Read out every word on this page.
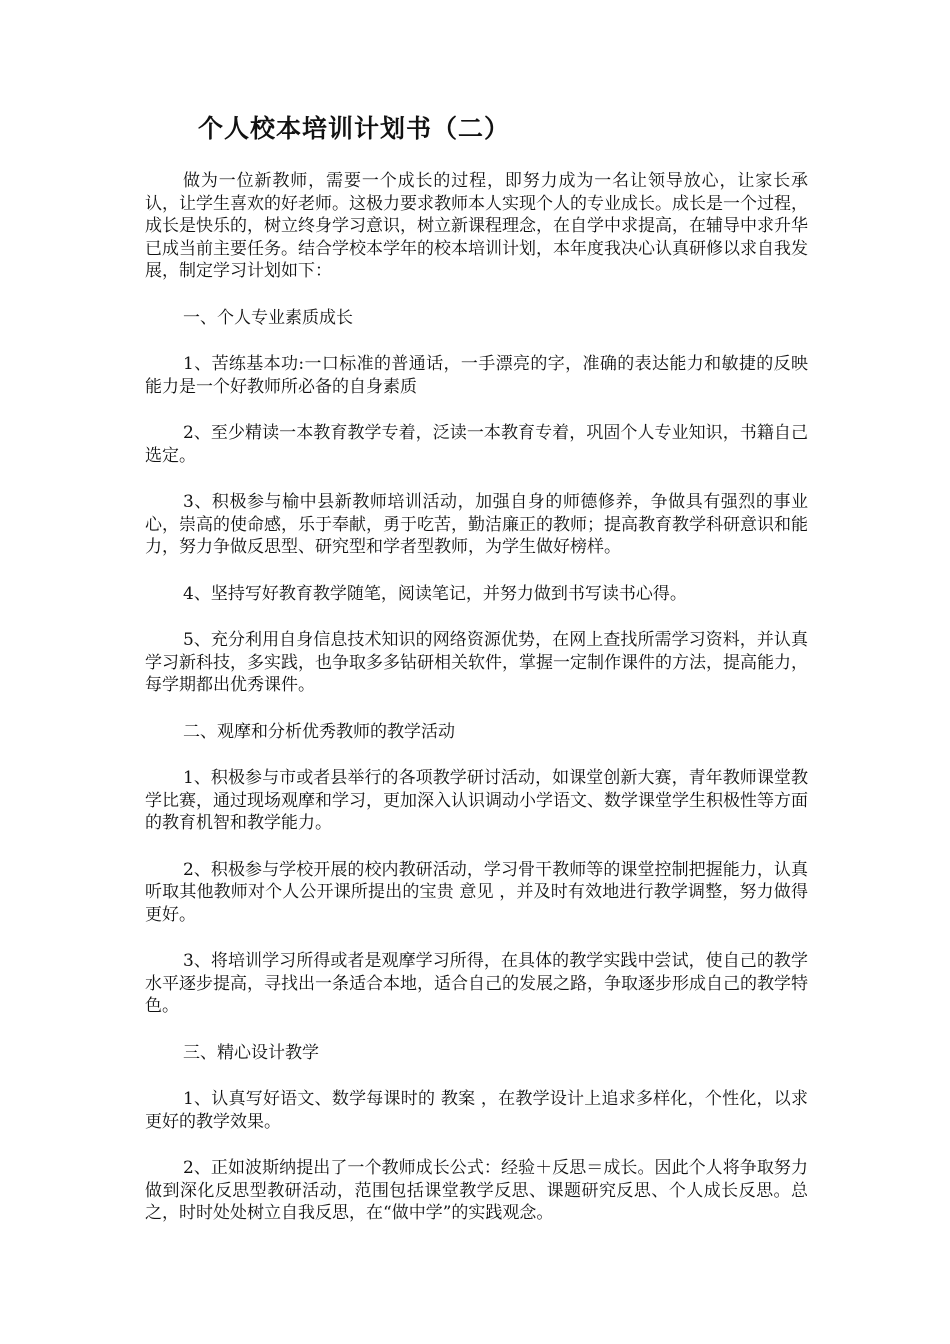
个人校本培训计划书（二）

做为一位新教师，需要一个成长的过程，即努力成为一名让领导放心，让家长承认，让学生喜欢的好老师。这极力要求教师本人实现个人的专业成长。成长是一个过程，成长是快乐的，树立终身学习意识，树立新课程理念，在自学中求提高，在辅导中求升华已成当前主要任务。结合学校本学年的校本培训计划，本年度我决心认真研修以求自我发展，制定学习计划如下：

一、个人专业素质成长

1、苦练基本功:一口标准的普通话，一手漂亮的字，准确的表达能力和敏捷的反映能力是一个好教师所必备的自身素质

2、至少精读一本教育教学专着，泛读一本教育专着，巩固个人专业知识，书籍自己选定。

3、积极参与榆中县新教师培训活动，加强自身的师德修养，争做具有强烈的事业心，崇高的使命感，乐于奉献，勇于吃苦，勤洁廉正的教师；提高教育教学科研意识和能力，努力争做反思型、研究型和学者型教师，为学生做好榜样。

4、坚持写好教育教学随笔，阅读笔记，并努力做到书写读书心得。

5、充分利用自身信息技术知识的网络资源优势，在网上查找所需学习资料，并认真学习新科技，多实践，也争取多多钻研相关软件，掌握一定制作课件的方法，提高能力，每学期都出优秀课件。

二、观摩和分析优秀教师的教学活动

1、积极参与市或者县举行的各项教学研讨活动，如课堂创新大赛，青年教师课堂教学比赛，通过现场观摩和学习，更加深入认识调动小学语文、数学课堂学生积极性等方面的教育机智和教学能力。

2、积极参与学校开展的校内教研活动，学习骨干教师等的课堂控制把握能力，认真听取其他教师对个人公开课所提出的宝贵 意见 ，并及时有效地进行教学调整，努力做得更好。

3、将培训学习所得或者是观摩学习所得，在具体的教学实践中尝试，使自己的教学水平逐步提高，寻找出一条适合本地，适合自己的发展之路，争取逐步形成自己的教学特色。

三、精心设计教学

1、认真写好语文、数学每课时的 教案 ，在教学设计上追求多样化，个性化，以求更好的教学效果。

2、正如波斯纳提出了一个教师成长公式：经验＋反思＝成长。因此个人将争取努力做到深化反思型教研活动，范围包括课堂教学反思、课题研究反思、个人成长反思。总之，时时处处树立自我反思，在“做中学”的实践观念。
